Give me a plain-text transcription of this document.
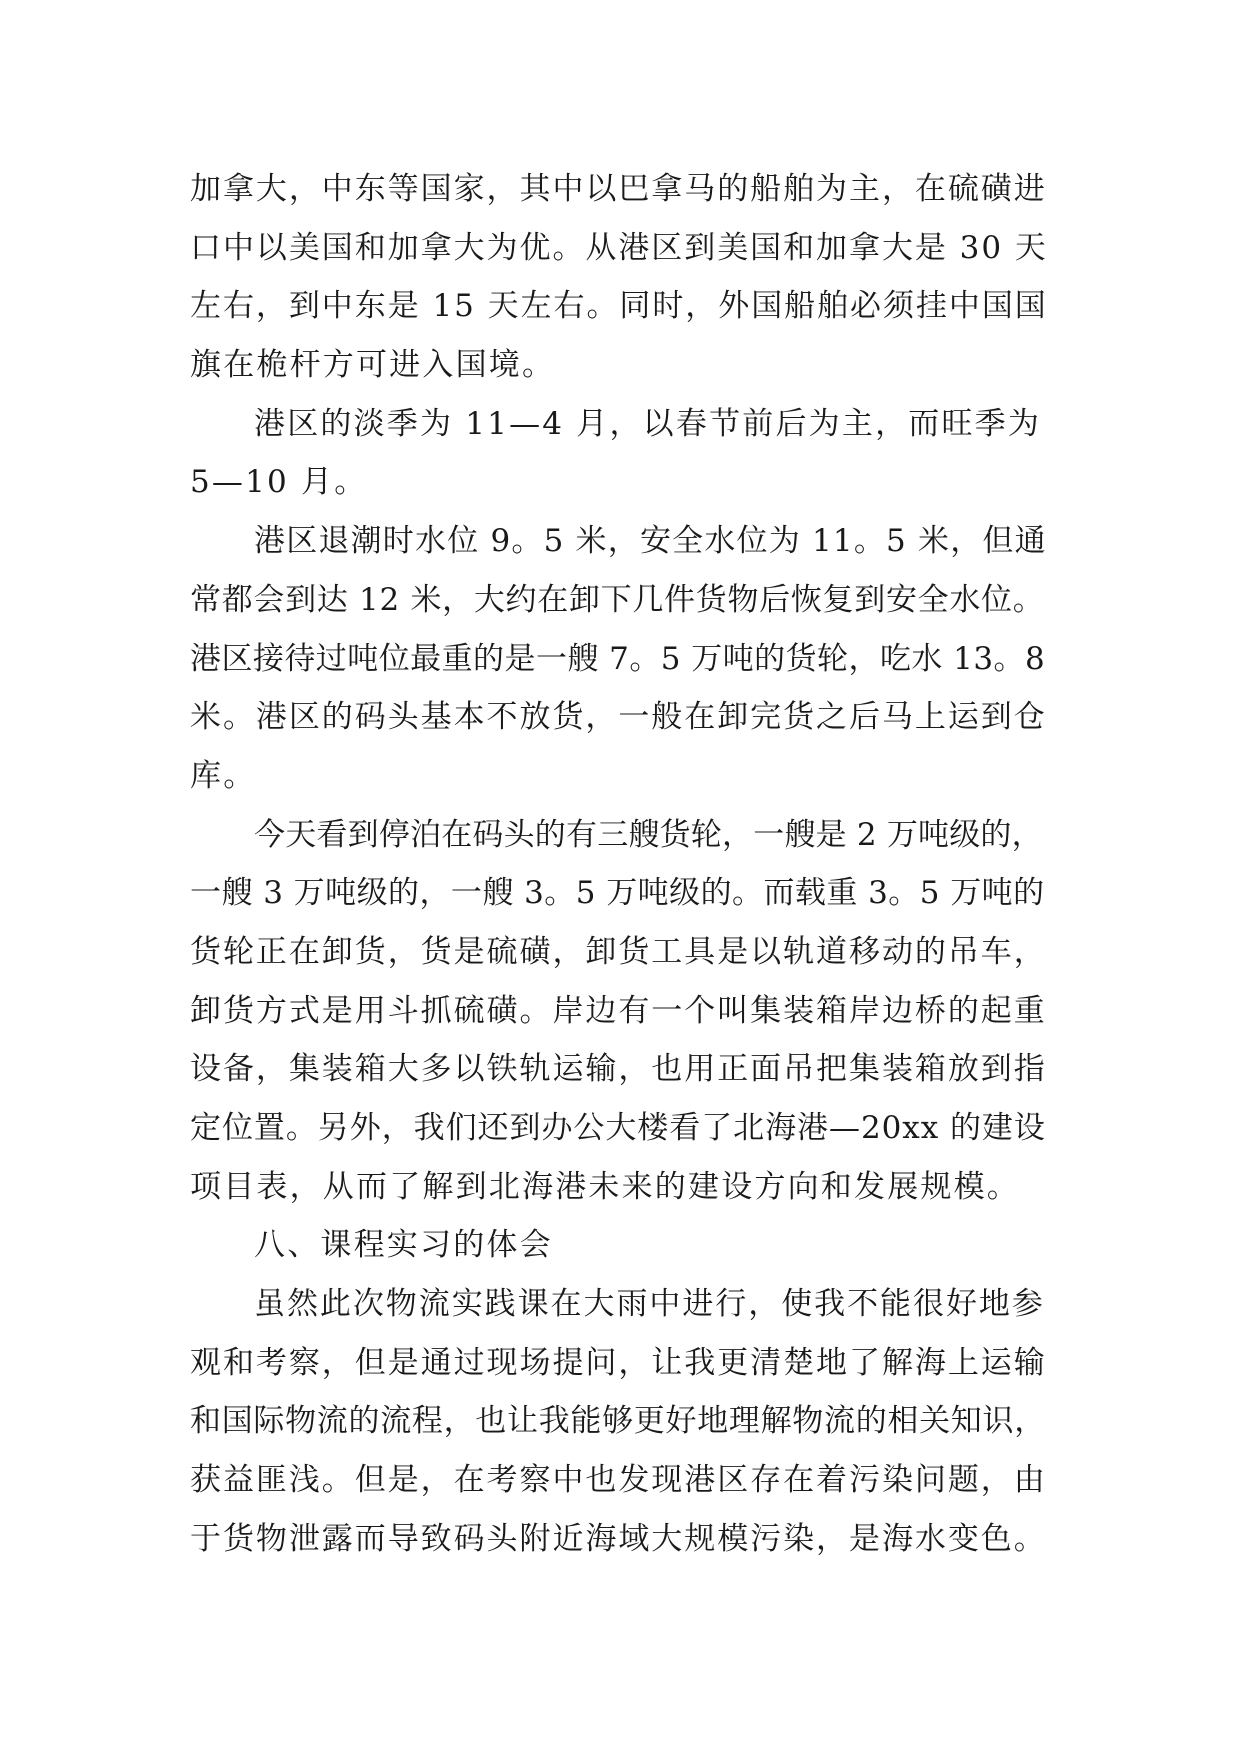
加拿大，中东等国家，其中以巴拿马的船舶为主，在硫磺进
口中以美国和加拿大为优。从港区到美国和加拿大是 30 天
左右，到中东是 15 天左右。同时，外国船舶必须挂中国国
旗在桅杆方可进入国境。
港区的淡季为 11—4 月，以春节前后为主，而旺季为
5—10 月。
港区退潮时水位 9。5 米，安全水位为 11。5 米，但通
常都会到达 12 米，大约在卸下几件货物后恢复到安全水位。
港区接待过吨位最重的是一艘 7。5 万吨的货轮，吃水 13。8
米。港区的码头基本不放货，一般在卸完货之后马上运到仓
库。
今天看到停泊在码头的有三艘货轮，一艘是 2 万吨级的，
一艘 3 万吨级的，一艘 3。5 万吨级的。而载重 3。5 万吨的
货轮正在卸货，货是硫磺，卸货工具是以轨道移动的吊车，
卸货方式是用斗抓硫磺。岸边有一个叫集装箱岸边桥的起重
设备，集装箱大多以铁轨运输，也用正面吊把集装箱放到指
定位置。另外，我们还到办公大楼看了北海港—20xx 的建设
项目表，从而了解到北海港未来的建设方向和发展规模。
八、课程实习的体会
虽然此次物流实践课在大雨中进行，使我不能很好地参
观和考察，但是通过现场提问，让我更清楚地了解海上运输
和国际物流的流程，也让我能够更好地理解物流的相关知识，
获益匪浅。但是，在考察中也发现港区存在着污染问题，由
于货物泄露而导致码头附近海域大规模污染，是海水变色。
